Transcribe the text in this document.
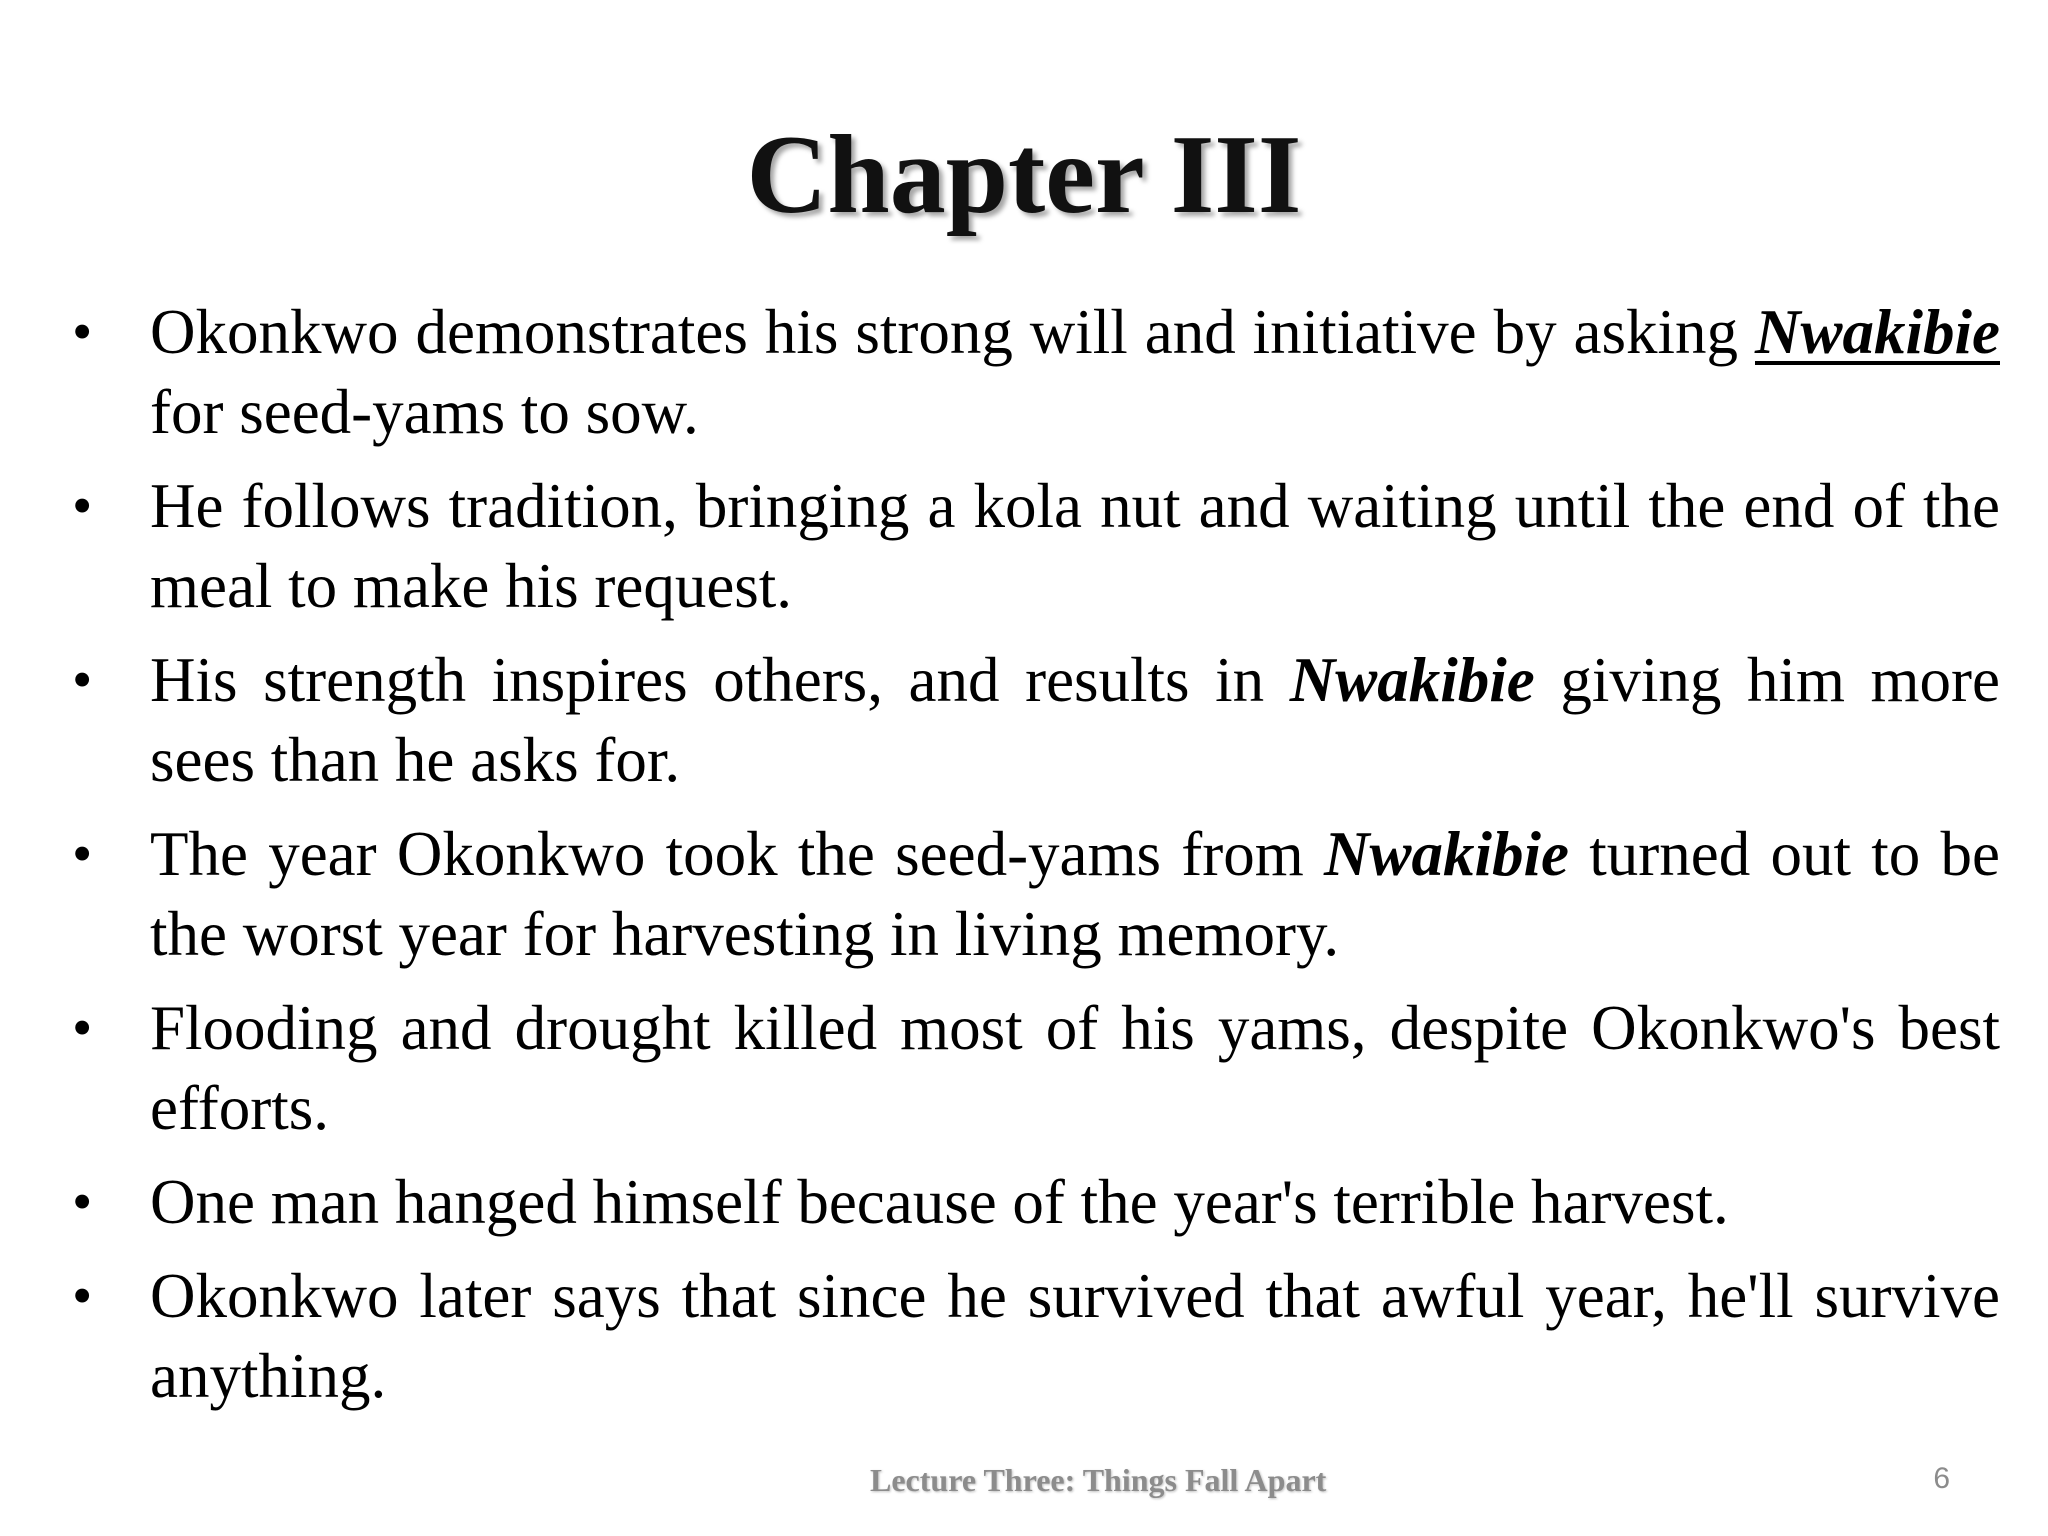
Chapter III
• Okonkwo demonstrates his strong will and initiative by asking Nwakibie for seed-yams to sow.
• He follows tradition, bringing a kola nut and waiting until the end of the meal to make his request.
• His strength inspires others, and results in Nwakibie giving him more sees than he asks for.
• The year Okonkwo took the seed-yams from Nwakibie turned out to be the worst year for harvesting in living memory.
• Flooding and drought killed most of his yams, despite Okonkwo's best efforts.
• One man hanged himself because of the year's terrible harvest.
• Okonkwo later says that since he survived that awful year, he'll survive anything.
Lecture Three: Things Fall Apart	6
